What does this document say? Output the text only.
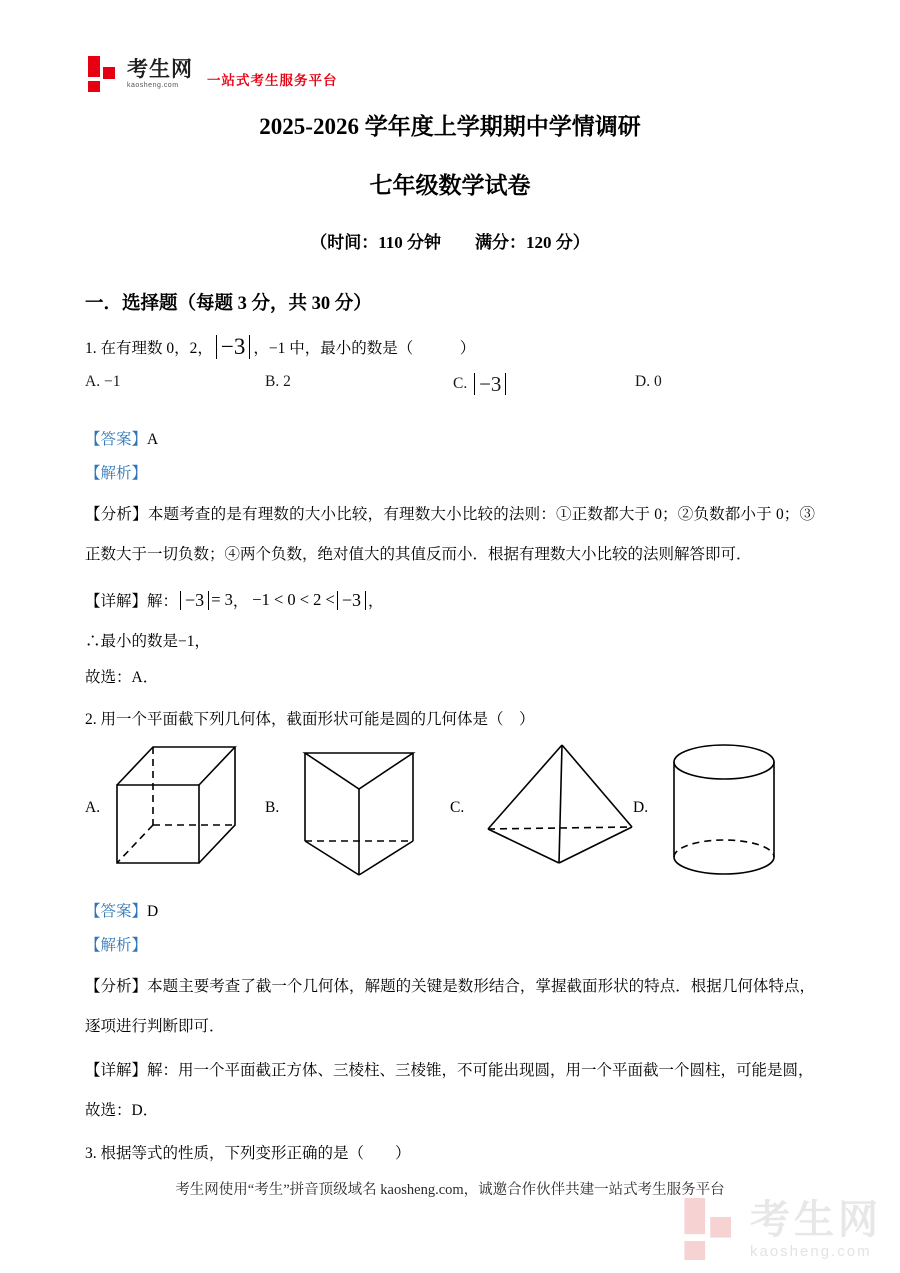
考生网
kaosheng.com	一站式考生服务平台
2025-2026 学年度上学期期中学情调研
七年级数学试卷
（时间：110 分钟　　满分：120 分）
一．选择题（每题 3 分，共 30 分）
1. 在有理数 0，2， −3 ，−1 中，最小的数是（　　　）
A.
−1	B.
2	C.
−3	D.
0
【答案】A
【解析】
【分析】本题考查的是有理数的大小比较，有理数大小比较的法则：①正数都大于 0；②负数都小于 0；③正数大于一切负数；④两个负数，绝对值大的其值反而小．根据有理数大小比较的法则解答即可．
【详解】 解： −3 = 3 ，
−1 < 0 < 2 < −3 ，
∴最小的数是−1，
故选：A．
2. 用一个平面截下列几何体，截面形状可能是圆的几何体是（　）
A.	B.	C.	D.
【答案】D
【解析】
【分析】本题主要考查了截一个几何体，解题的关键是数形结合，掌握截面形状的特点．根据几何体特点，逐项进行判断即可．
【详解】解：用一个平面截正方体、三棱柱、三棱锥，不可能出现圆，用一个平面截一个圆柱，可能是圆，
故选：D．
3. 根据等式的性质，下列变形正确的是（　　）
考生网使用“考生”拼音顶级域名 kaosheng.com，诚邀合作伙伴共建一站式考生服务平台
考生网
kaosheng.com
